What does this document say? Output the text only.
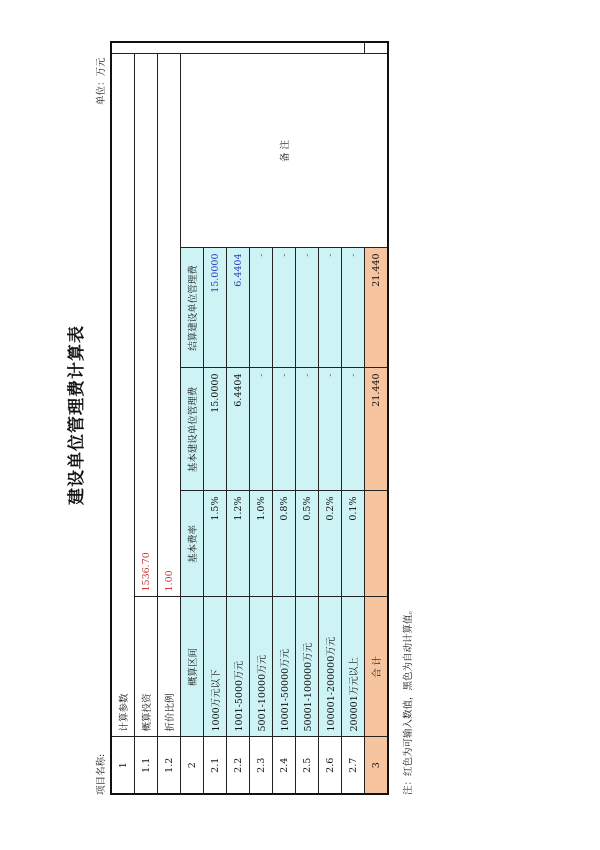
建设单位管理费计算表
单位：万元
项目名称: 1	计算参数					
1.1	概算投资	1536.70				
1.2	折价比例	1.00				
2	概算区间	基本费率	基本建设单位管理费	结算建设单位管理费	备 注	
2.1	1000万元以下	1.5%	15.0000	15.0000		
2.2	1001-5000万元	1.2%	6.4404	6.4404		
2.3	5001-10000万元	1.0%	-	-		
2.4	10001-50000万元	0.8%	-	-		
2.5	50001-100000万元	0.5%	-	-		
2.6	100001-200000万元	0.2%	-	-		
2.7	200001万元以上	0.1%	-	-		
3	合 计		21.440	21.440		
注：红色为可输入数值，黑色为自动计算值。
